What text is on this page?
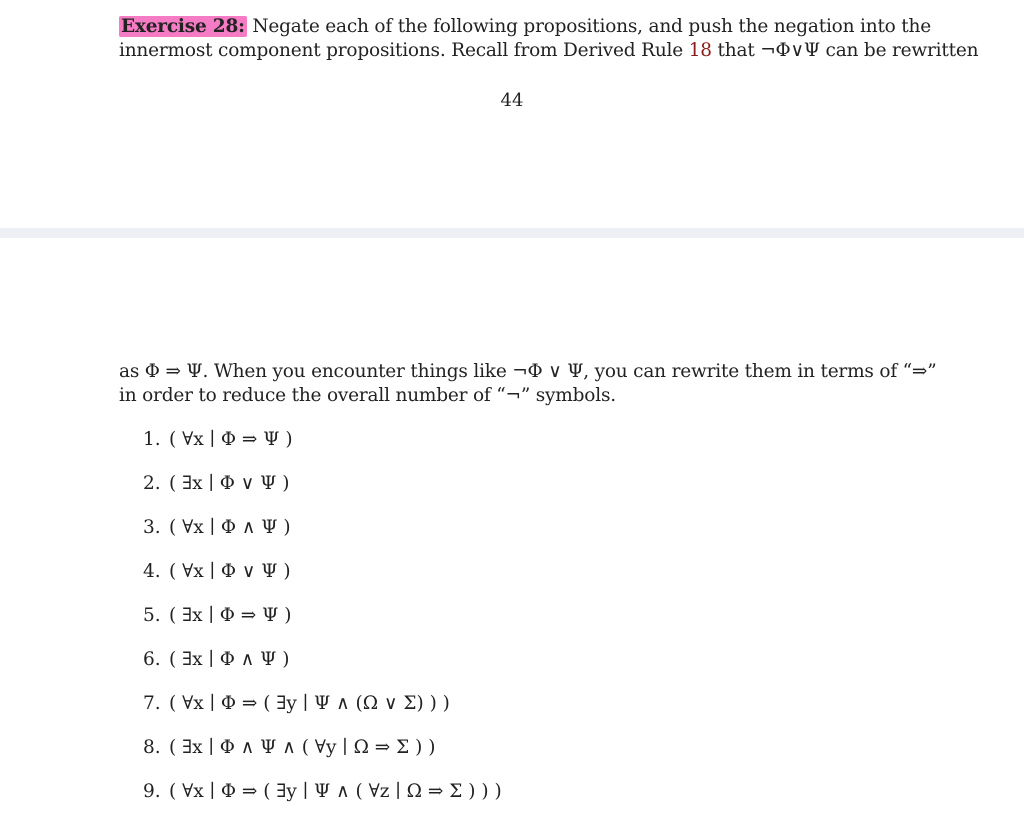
Exercise 28: Negate each of the following propositions, and push the negation into the
innermost component propositions. Recall from Derived Rule 18 that ¬Φ∨Ψ can be rewritten
44
as Φ ⇒ Ψ. When you encounter things like ¬Φ ∨ Ψ, you can rewrite them in terms of “⇒”
in order to reduce the overall number of “¬” symbols.
1. ( ∀x ∣ Φ ⇒ Ψ )
2. ( ∃x ∣ Φ ∨ Ψ )
3. ( ∀x ∣ Φ ∧ Ψ )
4. ( ∀x ∣ Φ ∨ Ψ )
5. ( ∃x ∣ Φ ⇒ Ψ )
6. ( ∃x ∣ Φ ∧ Ψ )
7. ( ∀x ∣ Φ ⇒ ( ∃y ∣ Ψ ∧ (Ω ∨ Σ) ) )
8. ( ∃x ∣ Φ ∧ Ψ ∧ ( ∀y ∣ Ω ⇒ Σ ) )
9. ( ∀x ∣ Φ ⇒ ( ∃y ∣ Ψ ∧ ( ∀z ∣ Ω ⇒ Σ ) ) )
